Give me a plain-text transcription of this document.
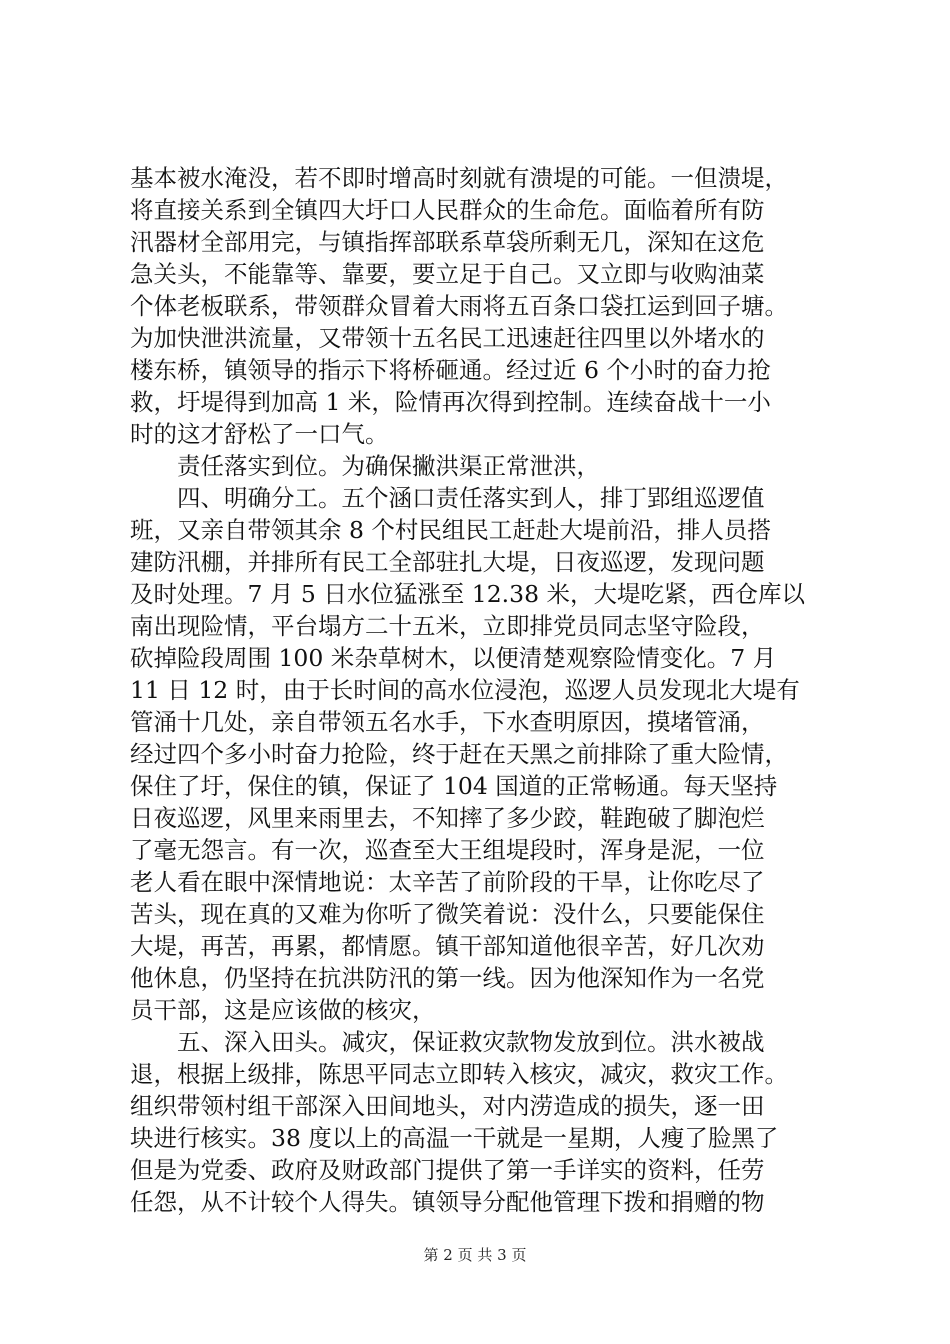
基本被水淹没，若不即时增高时刻就有溃堤的可能。一但溃堤，
将直接关系到全镇四大圩口人民群众的生命危。面临着所有防
汛器材全部用完，与镇指挥部联系草袋所剩无几，深知在这危
急关头，不能靠等、靠要，要立足于自己。又立即与收购油菜
个体老板联系，带领群众冒着大雨将五百条口袋扛运到回子塘。
为加快泄洪流量，又带领十五名民工迅速赶往四里以外堵水的
楼东桥，镇领导的指示下将桥砸通。经过近 6 个小时的奋力抢
救，圩堤得到加高 1 米，险情再次得到控制。连续奋战十一小
时的这才舒松了一口气。
　　责任落实到位。为确保撇洪渠正常泄洪，
　　四、明确分工。五个涵口责任落实到人，排丁郢组巡逻值
班，又亲自带领其余 8 个村民组民工赶赴大堤前沿，排人员搭
建防汛棚，并排所有民工全部驻扎大堤，日夜巡逻，发现问题
及时处理。7 月 5 日水位猛涨至 12.38 米，大堤吃紧，西仓库以
南出现险情，平台塌方二十五米，立即排党员同志坚守险段，
砍掉险段周围 100 米杂草树木，以便清楚观察险情变化。7 月
11 日 12 时，由于长时间的高水位浸泡，巡逻人员发现北大堤有
管涌十几处，亲自带领五名水手，下水查明原因，摸堵管涌，
经过四个多小时奋力抢险，终于赶在天黑之前排除了重大险情，
保住了圩，保住的镇，保证了 104 国道的正常畅通。每天坚持
日夜巡逻，风里来雨里去，不知摔了多少跤，鞋跑破了脚泡烂
了毫无怨言。有一次，巡查至大王组堤段时，浑身是泥，一位
老人看在眼中深情地说：太辛苦了前阶段的干旱，让你吃尽了
苦头，现在真的又难为你听了微笑着说：没什么，只要能保住
大堤，再苦，再累，都情愿。镇干部知道他很辛苦，好几次劝
他休息，仍坚持在抗洪防汛的第一线。因为他深知作为一名党
员干部，这是应该做的核灾，
　　五、深入田头。减灾，保证救灾款物发放到位。洪水被战
退，根据上级排，陈思平同志立即转入核灾，减灾，救灾工作。
组织带领村组干部深入田间地头，对内涝造成的损失，逐一田
块进行核实。38 度以上的高温一干就是一星期，人瘦了脸黑了
但是为党委、政府及财政部门提供了第一手详实的资料，任劳
任怨，从不计较个人得失。镇领导分配他管理下拨和捐赠的物
第 2 页 共 3 页
